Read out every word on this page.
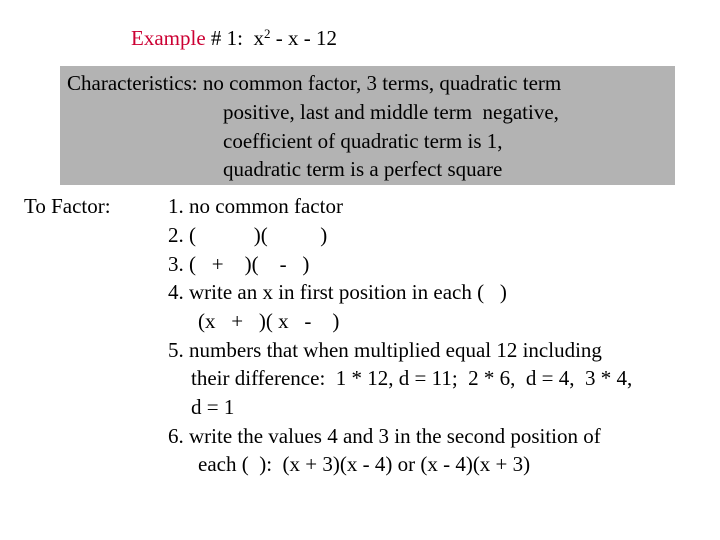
Example # 1:  $x^2$ - x - 12
Characteristics: no common factor, 3 terms, quadratic term
positive, last and middle term  negative,
coefficient of quadratic term is 1,
quadratic term is a perfect square
To Factor:	1. no common factor
2. (           )(          )
3. (   +    )(    -   )
4. write an x in first position in each (   )
(x   +   )( x   -    )
5. numbers that when multiplied equal 12 including
their difference:  1 * 12, d = 11;  2 * 6,  d = 4,  3 * 4,
d = 1
6. write the values 4 and 3 in the second position of
each (  ):  (x + 3)(x - 4) or (x - 4)(x + 3)
